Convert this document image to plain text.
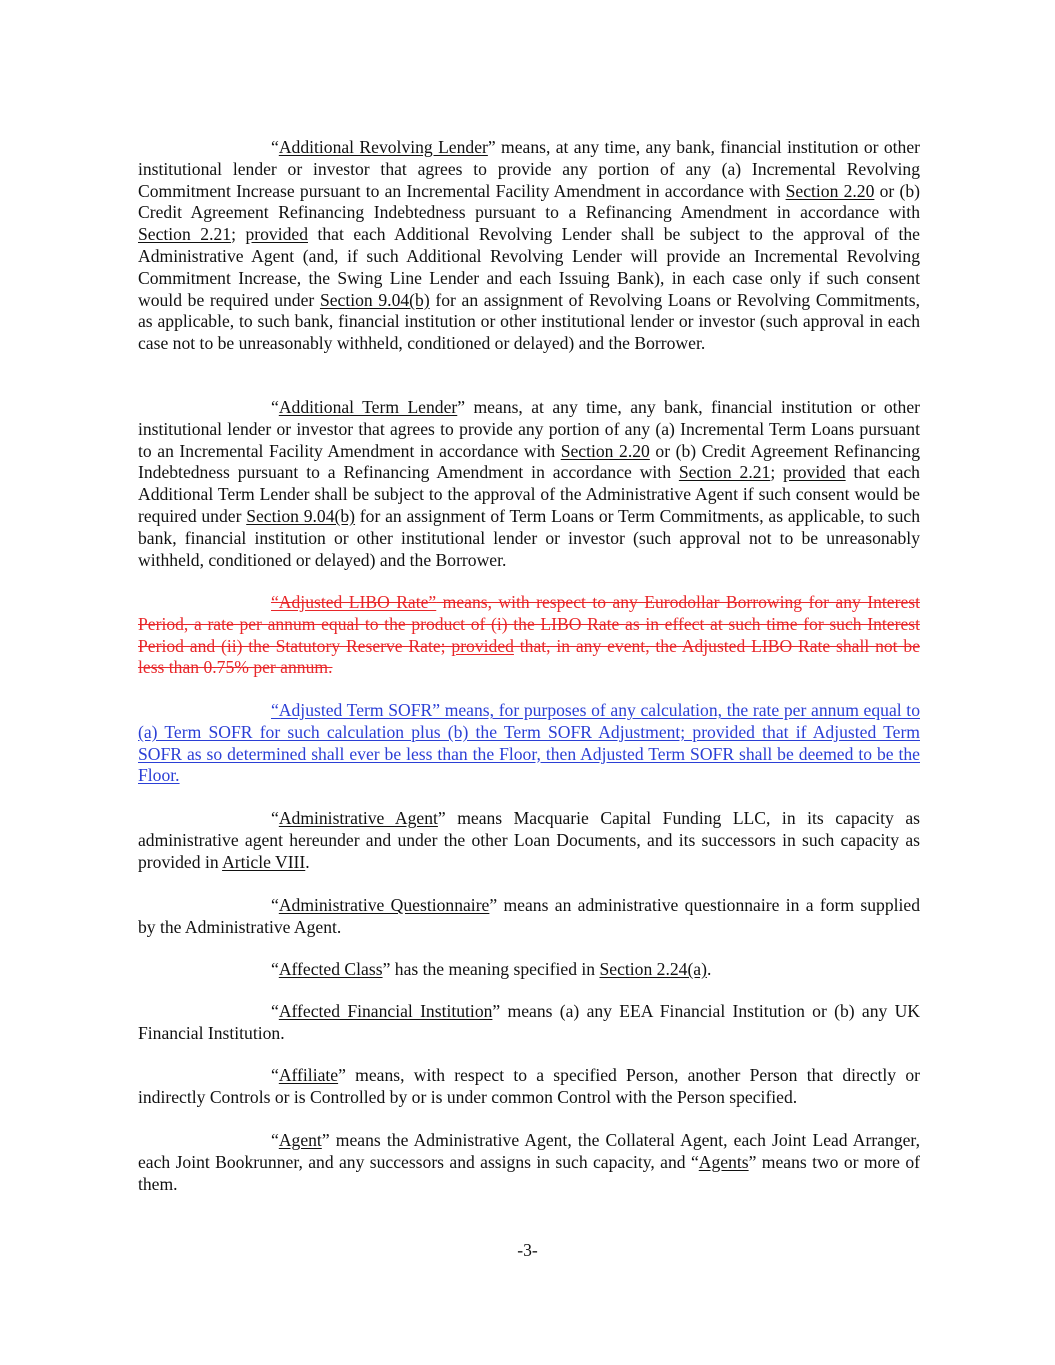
“Additional Revolving Lender” means, at any time, any bank, financial institution or other institutional lender or investor that agrees to provide any portion of any (a) Incremental Revolving Commitment Increase pursuant to an Incremental Facility Amendment in accordance with Section 2.20 or (b) Credit Agreement Refinancing Indebtedness pursuant to a Refinancing Amendment in accordance with Section 2.21; provided that each Additional Revolving Lender shall be subject to the approval of the Administrative Agent (and, if such Additional Revolving Lender will provide an Incremental Revolving Commitment Increase, the Swing Line Lender and each Issuing Bank), in each case only if such consent would be required under Section 9.04(b) for an assignment of Revolving Loans or Revolving Commitments, as applicable, to such bank, financial institution or other institutional lender or investor (such approval in each case not to be unreasonably withheld, conditioned or delayed) and the Borrower.

“Additional Term Lender” means, at any time, any bank, financial institution or other institutional lender or investor that agrees to provide any portion of any (a) Incremental Term Loans pursuant to an Incremental Facility Amendment in accordance with Section 2.20 or (b) Credit Agreement Refinancing Indebtedness pursuant to a Refinancing Amendment in accordance with Section 2.21; provided that each Additional Term Lender shall be subject to the approval of the Administrative Agent if such consent would be required under Section 9.04(b) for an assignment of Term Loans or Term Commitments, as applicable, to such bank, financial institution or other institutional lender or investor (such approval not to be unreasonably withheld, conditioned or delayed) and the Borrower.

“Adjusted LIBO Rate” means, with respect to any Eurodollar Borrowing for any Interest Period, a rate per annum equal to the product of (i) the LIBO Rate as in effect at such time for such Interest Period and (ii) the Statutory Reserve Rate; provided that, in any event, the Adjusted LIBO Rate shall not be less than 0.75% per annum.

“Adjusted Term SOFR” means, for purposes of any calculation, the rate per annum equal to (a) Term SOFR for such calculation plus (b) the Term SOFR Adjustment; provided that if Adjusted Term SOFR as so determined shall ever be less than the Floor, then Adjusted Term SOFR shall be deemed to be the Floor.

“Administrative Agent” means Macquarie Capital Funding LLC, in its capacity as administrative agent hereunder and under the other Loan Documents, and its successors in such capacity as provided in Article VIII.

“Administrative Questionnaire” means an administrative questionnaire in a form supplied by the Administrative Agent.

“Affected Class” has the meaning specified in Section 2.24(a).

“Affected Financial Institution” means (a) any EEA Financial Institution or (b) any UK Financial Institution.

“Affiliate” means, with respect to a specified Person, another Person that directly or indirectly Controls or is Controlled by or is under common Control with the Person specified.

“Agent” means the Administrative Agent, the Collateral Agent, each Joint Lead Arranger, each Joint Bookrunner, and any successors and assigns in such capacity, and “Agents” means two or more of them.

-3-
